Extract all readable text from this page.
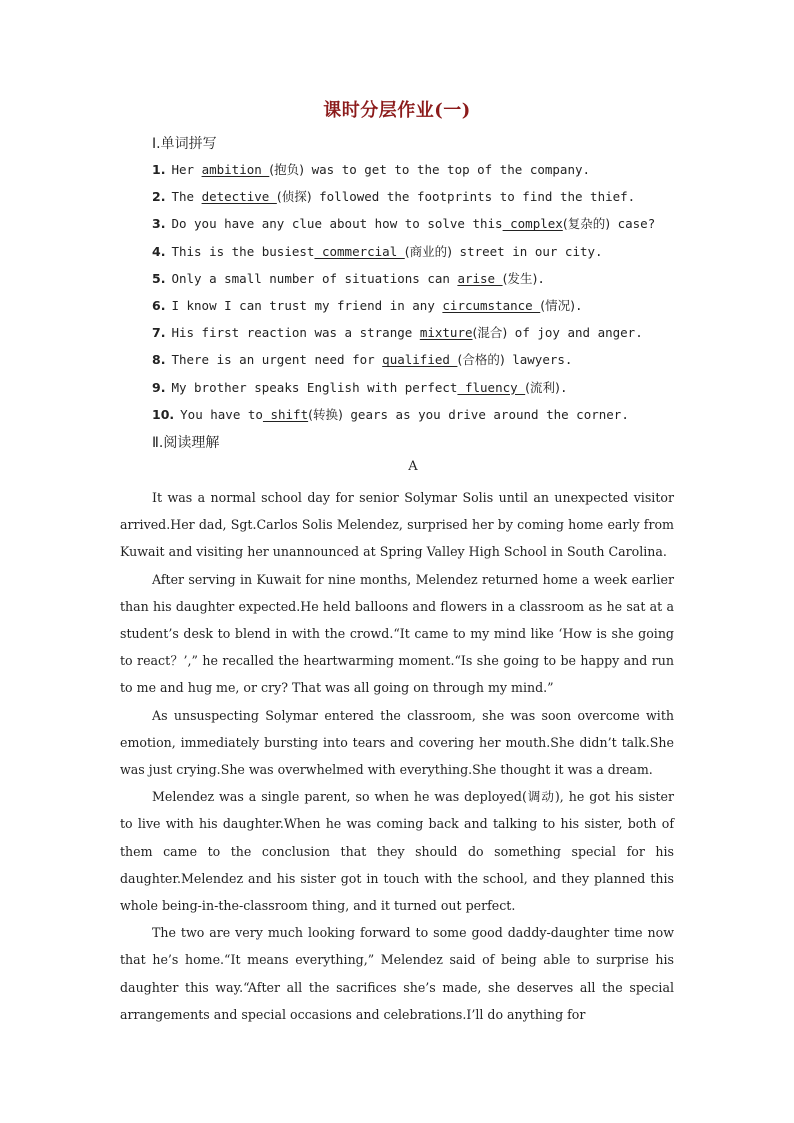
课时分层作业(一)
Ⅰ.单词拼写
1. Her ambition (抱负) was to get to the top of the company.
2. The detective (侦探) followed the footprints to find the thief.
3. Do you have any clue about how to solve this complex(复杂的) case?
4. This is the busiest commercial (商业的) street in our city.
5. Only a small number of situations can arise (发生).
6. I know I can trust my friend in any circumstance (情况).
7. His first reaction was a strange mixture(混合) of joy and anger.
8. There is an urgent need for qualified (合格的) lawyers.
9. My brother speaks English with perfect fluency (流利).
10. You have to shift(转换) gears as you drive around the corner.
Ⅱ.阅读理解
A

It was a normal school day for senior Solymar Solis until an unexpected visitor arrived.Her dad, Sgt.Carlos Solis Melendez, surprised her by coming home early from Kuwait and visiting her unannounced at Spring Valley High School in South Carolina.

After serving in Kuwait for nine months, Melendez returned home a week earlier than his daughter expected.He held balloons and flowers in a classroom as he sat at a student’s desk to blend in with the crowd.“It came to my mind like ‘How is she going to react？’,” he recalled the heartwarming moment.“Is she going to be happy and run to me and hug me, or cry? That was all going on through my mind.”

As unsuspecting Solymar entered the classroom, she was soon overcome with emotion, immediately bursting into tears and covering her mouth.She didn’t talk.She was just crying.She was overwhelmed with everything.She thought it was a dream.

Melendez was a single parent, so when he was deployed(调动), he got his sister to live with his daughter.When he was coming back and talking to his sister, both of them came to the conclusion that they should do something special for his daughter.Melendez and his sister got in touch with the school, and they planned this whole being-in-the-classroom thing, and it turned out perfect.

The two are very much looking forward to some good daddy-daughter time now that he’s home.“It means everything,” Melendez said of being able to surprise his daughter this way.“After all the sacrifices she’s made, she deserves all the special arrangements and special occasions and celebrations.I’ll do anything for
